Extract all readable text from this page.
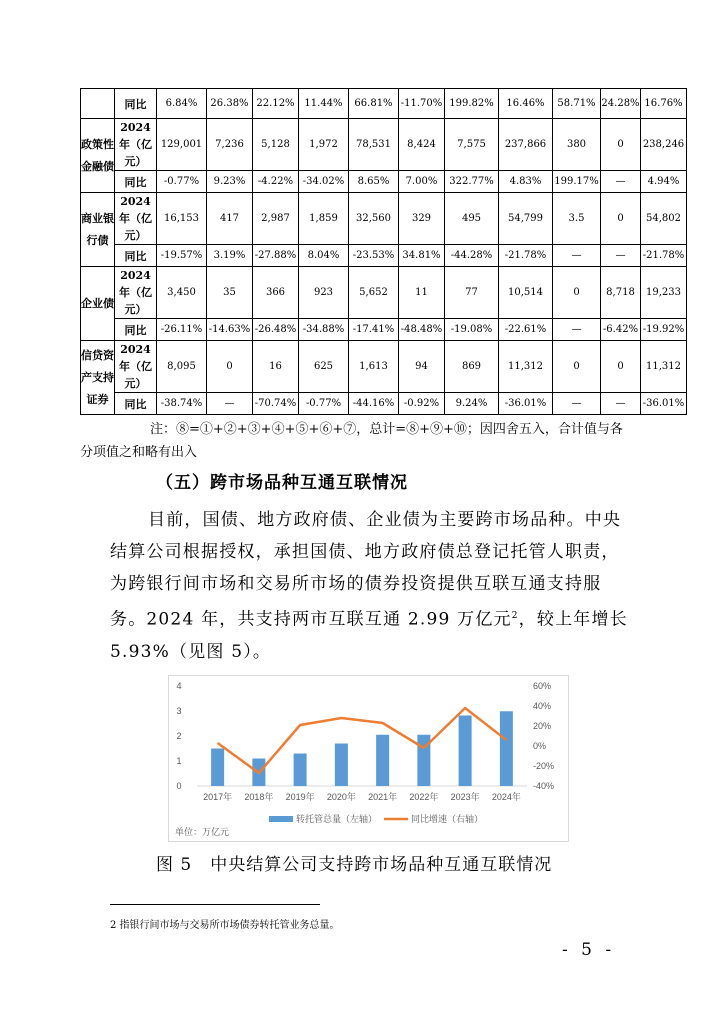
	同比	6.84%	26.38%	22.12%	11.44%	66.81%	-11.70%	199.82%	16.46%	58.71%	24.28%	16.76%
政策性金融债	2024 年（亿元）	129,001	7,236	5,128	1,972	78,531	8,424	7,575	237,866	380	0	238,246
	同比	-0.77%	9.23%	-4.22%	-34.02%	8.65%	7.00%	322.77%	4.83%	199.17%	—	4.94%
商业银行债	2024 年（亿元）	16,153	417	2,987	1,859	32,560	329	495	54,799	3.5	0	54,802
	同比	-19.57%	3.19%	-27.88%	8.04%	-23.53%	34.81%	-44.28%	-21.78%	—	—	-21.78%
企业债	2024 年（亿元）	3,450	35	366	923	5,652	11	77	10,514	0	8,718	19,233
	同比	-26.11%	-14.63%	-26.48%	-34.88%	-17.41%	-48.48%	-19.08%	-22.61%	—	-6.42%	-19.92%
信贷资产支持证券	2024 年（亿元）	8,095	0	16	625	1,613	94	869	11,312	0	0	11,312
	同比	-38.74%	—	-70.74%	-0.77%	-44.16%	-0.92%	9.24%	-36.01%	—	—	-36.01%
注：⑧=①+②+③+④+⑤+⑥+⑦，总计=⑧+⑨+⑩；因四舍五入，合计值与各
分项值之和略有出入
（五）跨市场品种互通互联情况
目前，国债、地方政府债、企业债为主要跨市场品种。中央结算公司根据授权，承担国债、地方政府债总登记托管人职责，为跨银行间市场和交易所市场的债券投资提供互联互通支持服务。2024 年，共支持两市互联互通 2.99 万亿元$^2$，较上年增长 5.93%（见图 5）。
0
1
2
3
4
-40%
-20%
0%
20%
40%
60%
2017年 2018年 2019年 2020年 2021年 2022年 2023年 2024年
转托管总量（左轴）	同比增速（右轴）
单位：万亿元
图 5　中央结算公司支持跨市场品种互通互联情况
2 指银行间市场与交易所市场债券转托管业务总量。
- 5 -
